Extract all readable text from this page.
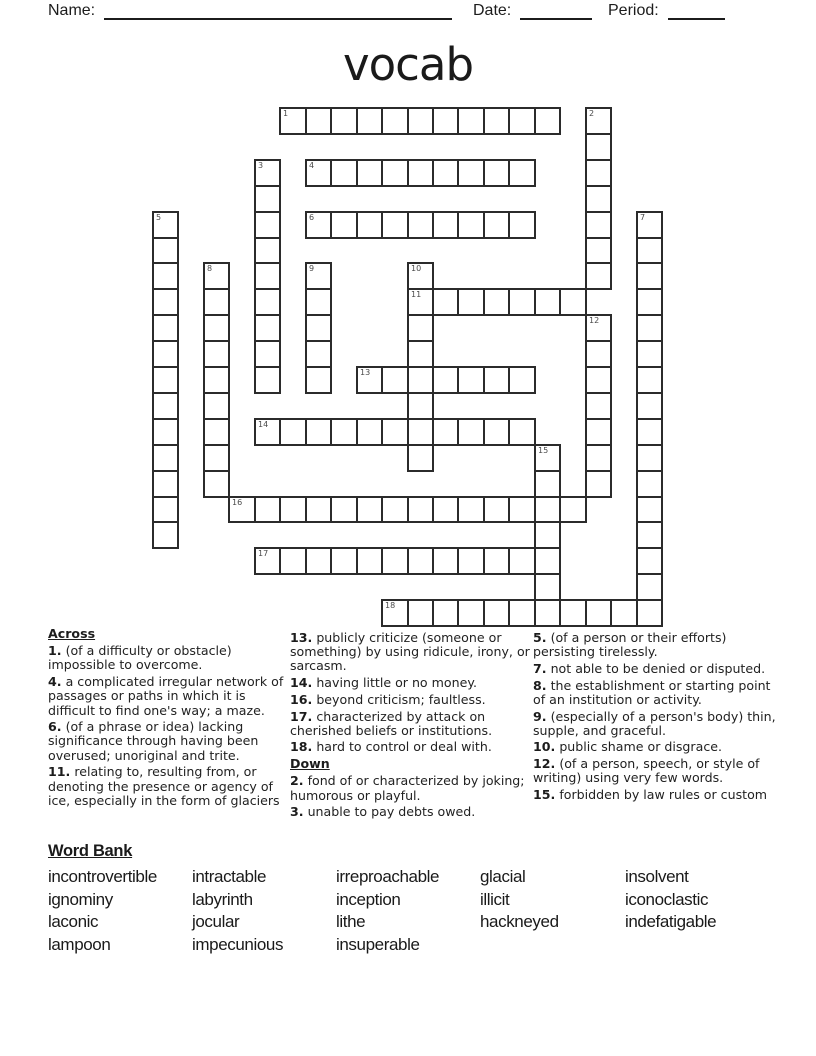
Name:	Date:	Period:
vocab
1	2
3	4
5	6	7
8	9	10
11
12
13
14
15
16
17
18
Across
1. (of a difficulty or obstacle) impossible to overcome.
4. a complicated irregular network of passages or paths in which it is difficult to find one's way; a maze.
6. (of a phrase or idea) lacking significance through having been overused; unoriginal and trite.
11. relating to, resulting from, or denoting the presence or agency of ice, especially in the form of glaciers
13. publicly criticize (someone or something) by using ridicule, irony, or sarcasm.
14. having little or no money.
16. beyond criticism; faultless.
17. characterized by attack on cherished beliefs or institutions.
18. hard to control or deal with.
Down
2. fond of or characterized by joking; humorous or playful.
3. unable to pay debts owed.
5. (of a person or their efforts) persisting tirelessly.
7. not able to be denied or disputed.
8. the establishment or starting point of an institution or activity.
9. (especially of a person's body) thin, supple, and graceful.
10. public shame or disgrace.
12. (of a person, speech, or style of writing) using very few words.
15. forbidden by law rules or custom
Word Bank
incontrovertible	intractable	irreproachable	glacial	insolvent
ignominy	labyrinth	inception	illicit	iconoclastic
laconic	jocular	lithe	hackneyed	indefatigable
lampoon	impecunious	insuperable
